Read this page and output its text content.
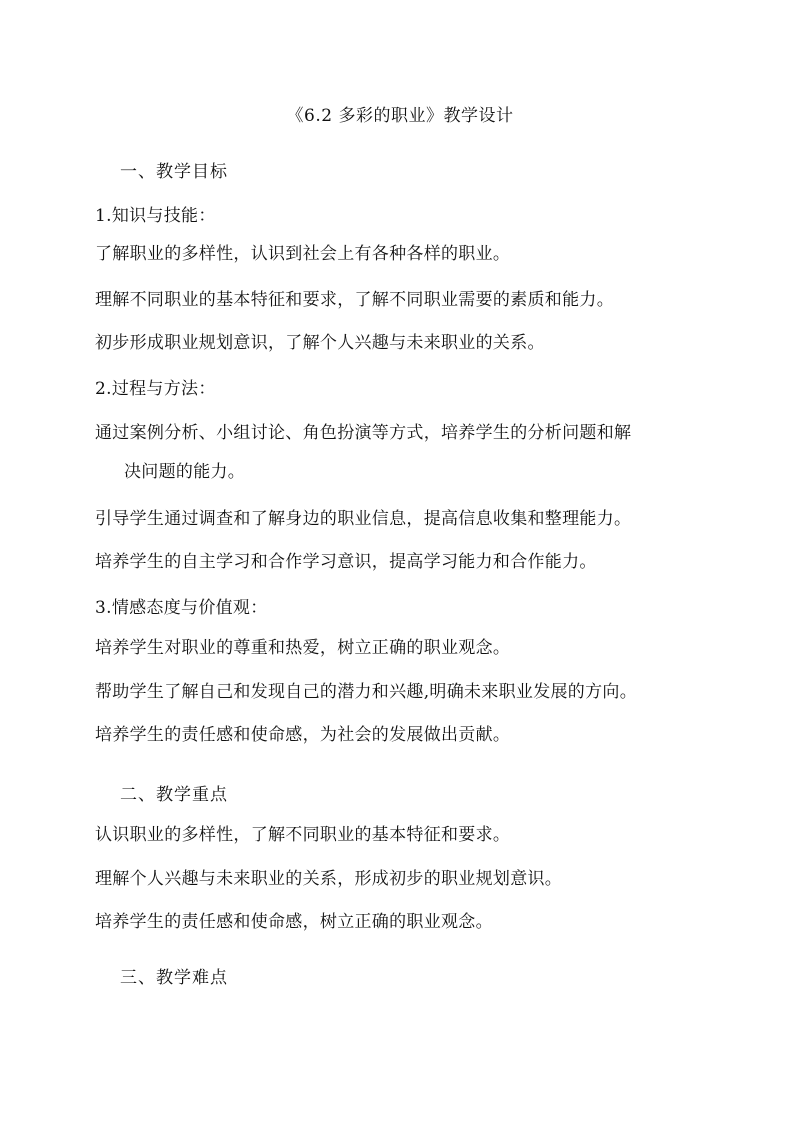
《6.2 多彩的职业》教学设计
一、教学目标
1.知识与技能：
了解职业的多样性，认识到社会上有各种各样的职业。
理解不同职业的基本特征和要求，了解不同职业需要的素质和能力。
初步形成职业规划意识，了解个人兴趣与未来职业的关系。
2.过程与方法：
通过案例分析、小组讨论、角色扮演等方式，培养学生的分析问题和解
决问题的能力。
引导学生通过调查和了解身边的职业信息，提高信息收集和整理能力。
培养学生的自主学习和合作学习意识，提高学习能力和合作能力。
3.情感态度与价值观：
培养学生对职业的尊重和热爱，树立正确的职业观念。
帮助学生了解自己和发现自己的潜力和兴趣,明确未来职业发展的方向。
培养学生的责任感和使命感，为社会的发展做出贡献。
二、教学重点
认识职业的多样性，了解不同职业的基本特征和要求。
理解个人兴趣与未来职业的关系，形成初步的职业规划意识。
培养学生的责任感和使命感，树立正确的职业观念。
三、教学难点
